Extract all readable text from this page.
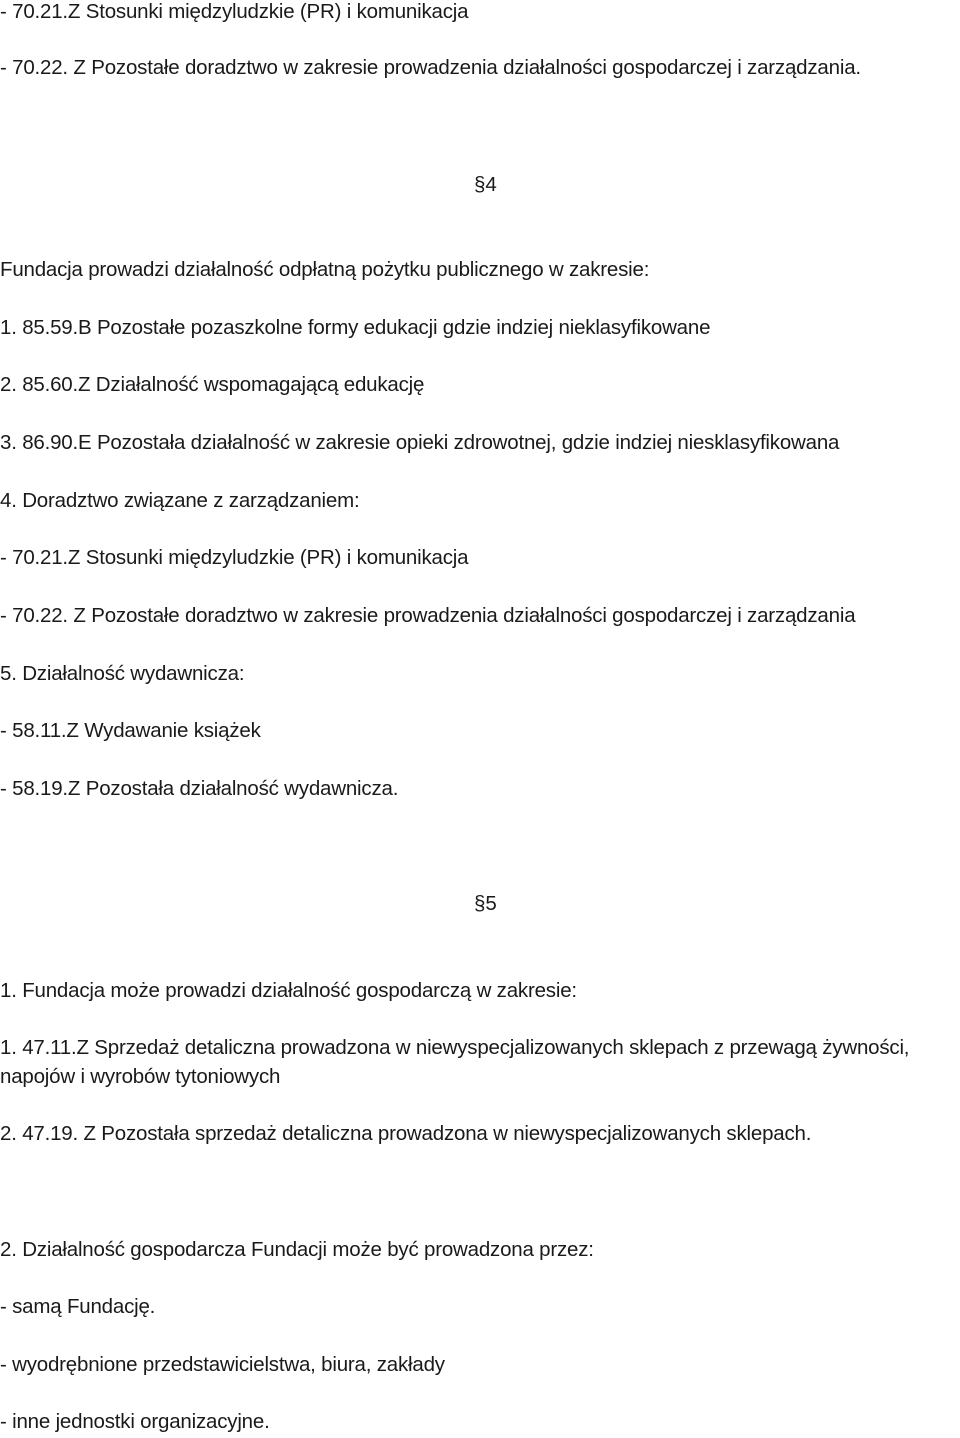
- 70.21.Z Stosunki międzyludzkie (PR) i komunikacja
- 70.22. Z Pozostałe doradztwo w zakresie prowadzenia działalności gospodarczej i zarządzania.
§4
Fundacja prowadzi działalność odpłatną pożytku publicznego w zakresie:
1. 85.59.B Pozostałe pozaszkolne formy edukacji gdzie indziej nieklasyfikowane
2. 85.60.Z Działalność wspomagającą edukację
3. 86.90.E Pozostała działalność w zakresie opieki zdrowotnej, gdzie indziej niesklasyfikowana
4. Doradztwo związane z zarządzaniem:
- 70.21.Z Stosunki międzyludzkie (PR) i komunikacja
- 70.22. Z Pozostałe doradztwo w zakresie prowadzenia działalności gospodarczej i zarządzania
5. Działalność wydawnicza:
- 58.11.Z Wydawanie książek
- 58.19.Z Pozostała działalność wydawnicza.
§5
1. Fundacja może prowadzi działalność gospodarczą w zakresie:
1. 47.11.Z Sprzedaż detaliczna prowadzona w niewyspecjalizowanych sklepach z przewagą żywności, napojów i wyrobów tytoniowych
2. 47.19. Z Pozostała sprzedaż detaliczna prowadzona w niewyspecjalizowanych sklepach.
2. Działalność gospodarcza Fundacji może być prowadzona przez:
- samą Fundację.
- wyodrębnione przedstawicielstwa, biura, zakłady
- inne jednostki organizacyjne.
